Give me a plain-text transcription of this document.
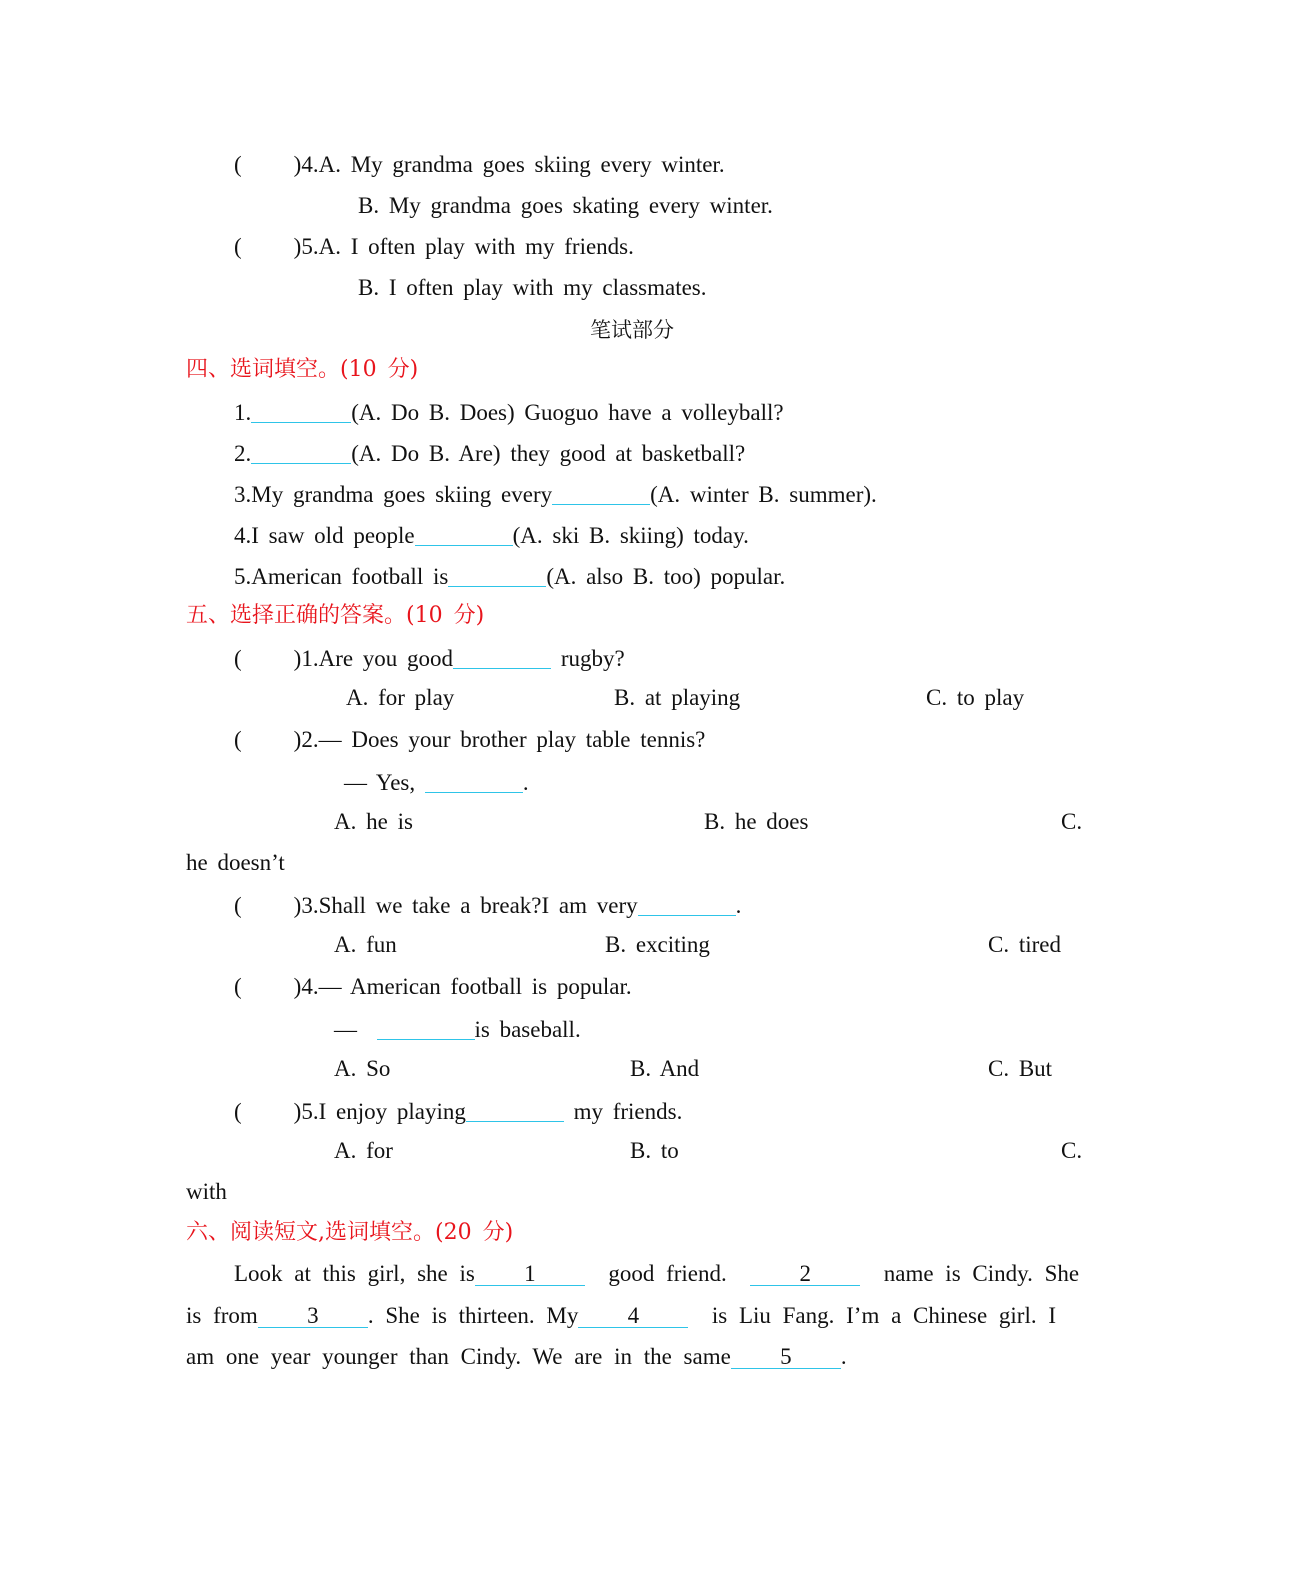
( )4.A. My grandma goes skiing every winter.
B. My grandma goes skating every winter.
( )5.A. I often play with my friends.
B. I often play with my classmates.
笔试部分
四、选词填空。(10 分)
1.	(A. Do B. Does) Guoguo have a volleyball?
2.	(A. Do B. Are) they good at basketball?
3.My grandma goes skiing every	(A. winter B. summer).
4.I saw old people	(A. ski B. skiing) today.
5.American football is	(A. also B. too) popular.
五、选择正确的答案。(10 分)
( )1.Are you good	rugby?
A. for play	B. at playing	C. to play
( )2.— Does your brother play table tennis?
— Yes,	.
A. he is	B. he does	C.
he doesn’t
( )3.Shall we take a break?I am very	.
A. fun	B. exciting	C. tired
( )4.— American football is popular.
—	is baseball.
A. So	B. And	C. But
( )5.I enjoy playing	my friends.
A. for	B. to	C.
with
六、阅读短文,选词填空。(20 分)
Look at this girl, she is 1	good friend.	2	name is Cindy. She
is from 3 . She is thirteen. My 4	is Liu Fang. I’m a Chinese girl. I
am one year younger than Cindy. We are in the same 5 .
